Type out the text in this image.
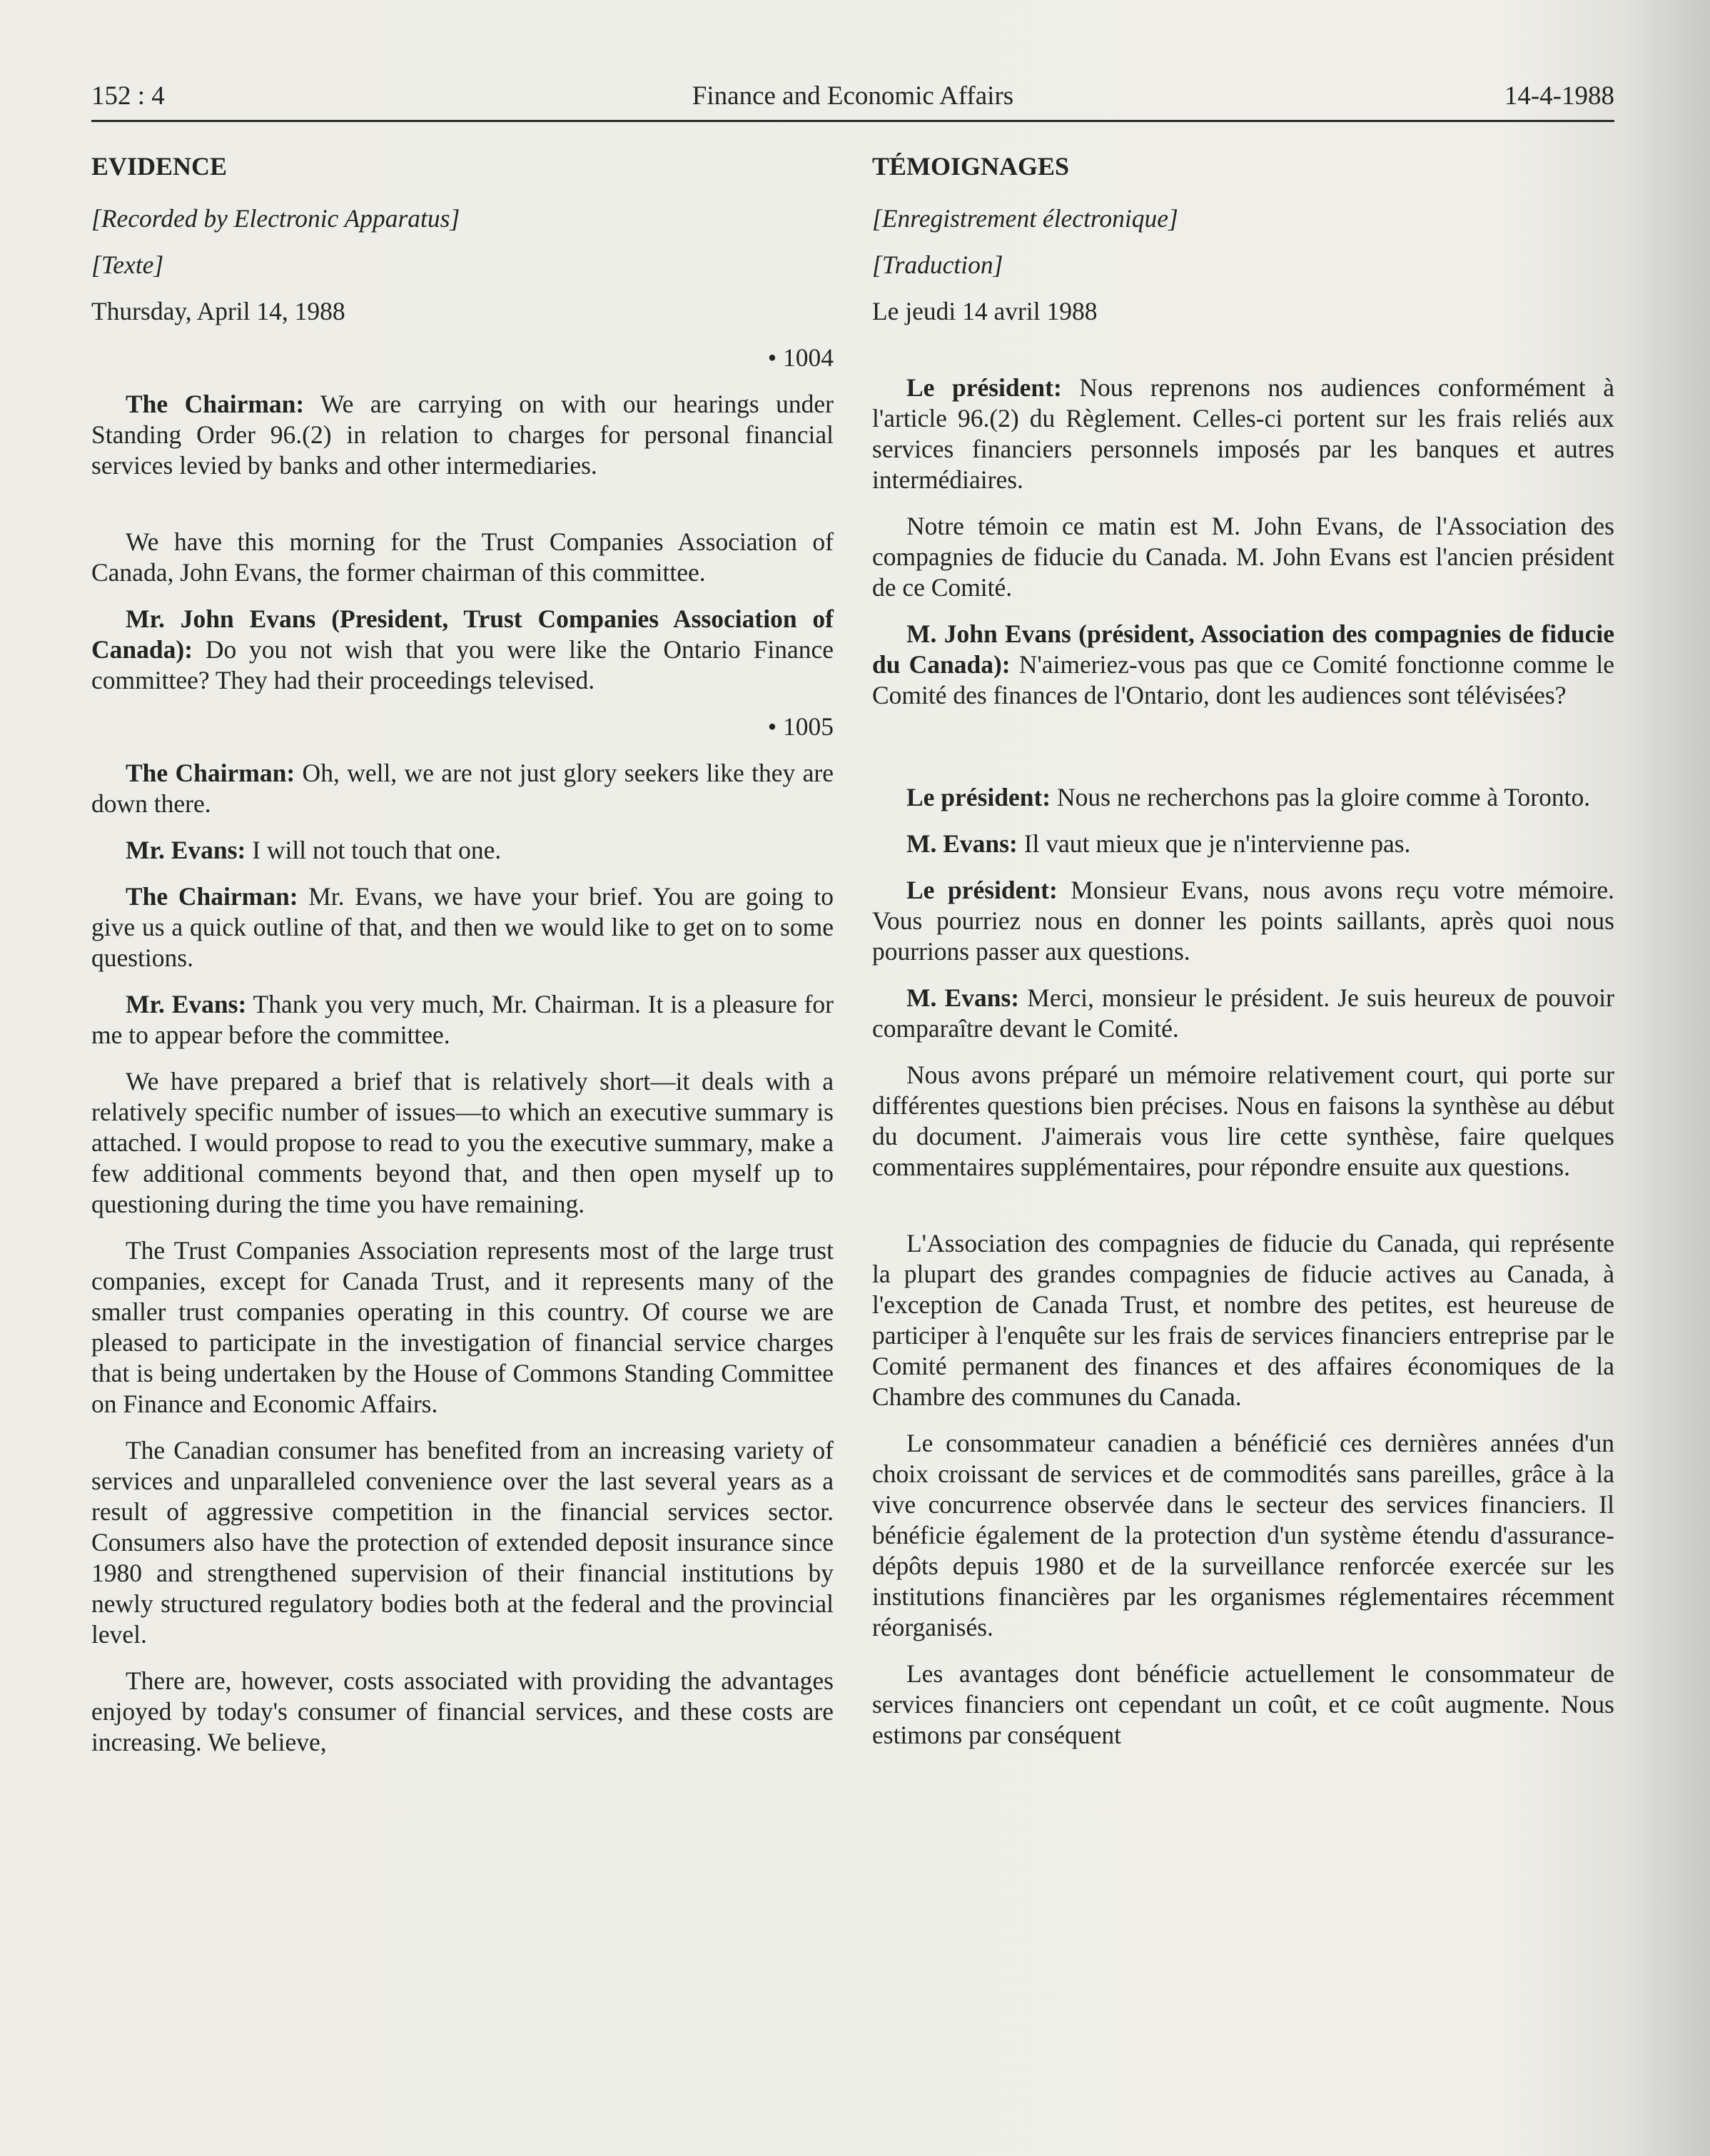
Finance and Economic Affairs
152 : 4	14-4-1988
EVIDENCE
[Recorded by Electronic Apparatus]
[Texte]
Thursday, April 14, 1988
• 1004

The Chairman: We are carrying on with our hearings under Standing Order 96.(2) in relation to charges for personal financial services levied by banks and other intermediaries.

We have this morning for the Trust Companies Association of Canada, John Evans, the former chairman of this committee.

Mr. John Evans (President, Trust Companies Association of Canada): Do you not wish that you were like the Ontario Finance committee? They had their proceedings televised.

• 1005

The Chairman: Oh, well, we are not just glory seekers like they are down there.

Mr. Evans: I will not touch that one.

The Chairman: Mr. Evans, we have your brief. You are going to give us a quick outline of that, and then we would like to get on to some questions.

Mr. Evans: Thank you very much, Mr. Chairman. It is a pleasure for me to appear before the committee.

We have prepared a brief that is relatively short—it deals with a relatively specific number of issues—to which an executive summary is attached. I would propose to read to you the executive summary, make a few additional comments beyond that, and then open myself up to questioning during the time you have remaining.

The Trust Companies Association represents most of the large trust companies, except for Canada Trust, and it represents many of the smaller trust companies operating in this country. Of course we are pleased to participate in the investigation of financial service charges that is being undertaken by the House of Commons Standing Committee on Finance and Economic Affairs.

The Canadian consumer has benefited from an increasing variety of services and unparalleled convenience over the last several years as a result of aggressive competition in the financial services sector. Consumers also have the protection of extended deposit insurance since 1980 and strengthened supervision of their financial institutions by newly structured regulatory bodies both at the federal and the provincial level.

There are, however, costs associated with providing the advantages enjoyed by today's consumer of financial services, and these costs are increasing. We believe,

TÉMOIGNAGES
[Enregistrement électronique]
[Traduction]
Le jeudi 14 avril 1988

Le président: Nous reprenons nos audiences conformément à l'article 96.(2) du Règlement. Celles-ci portent sur les frais reliés aux services financiers personnels imposés par les banques et autres intermédiaires.

Notre témoin ce matin est M. John Evans, de l'Association des compagnies de fiducie du Canada. M. John Evans est l'ancien président de ce Comité.

M. John Evans (président, Association des compagnies de fiducie du Canada): N'aimeriez-vous pas que ce Comité fonctionne comme le Comité des finances de l'Ontario, dont les audiences sont télévisées?

Le président: Nous ne recherchons pas la gloire comme à Toronto.

M. Evans: Il vaut mieux que je n'intervienne pas.

Le président: Monsieur Evans, nous avons reçu votre mémoire. Vous pourriez nous en donner les points saillants, après quoi nous pourrions passer aux questions.

M. Evans: Merci, monsieur le président. Je suis heureux de pouvoir comparaître devant le Comité.

Nous avons préparé un mémoire relativement court, qui porte sur différentes questions bien précises. Nous en faisons la synthèse au début du document. J'aimerais vous lire cette synthèse, faire quelques commentaires supplémentaires, pour répondre ensuite aux questions.

L'Association des compagnies de fiducie du Canada, qui représente la plupart des grandes compagnies de fiducie actives au Canada, à l'exception de Canada Trust, et nombre des petites, est heureuse de participer à l'enquête sur les frais de services financiers entreprise par le Comité permanent des finances et des affaires économiques de la Chambre des communes du Canada.

Le consommateur canadien a bénéficié ces dernières années d'un choix croissant de services et de commodités sans pareilles, grâce à la vive concurrence observée dans le secteur des services financiers. Il bénéficie également de la protection d'un système étendu d'assurance-dépôts depuis 1980 et de la surveillance renforcée exercée sur les institutions financières par les organismes réglementaires récemment réorganisés.

Les avantages dont bénéficie actuellement le consommateur de services financiers ont cependant un coût, et ce coût augmente. Nous estimons par conséquent
